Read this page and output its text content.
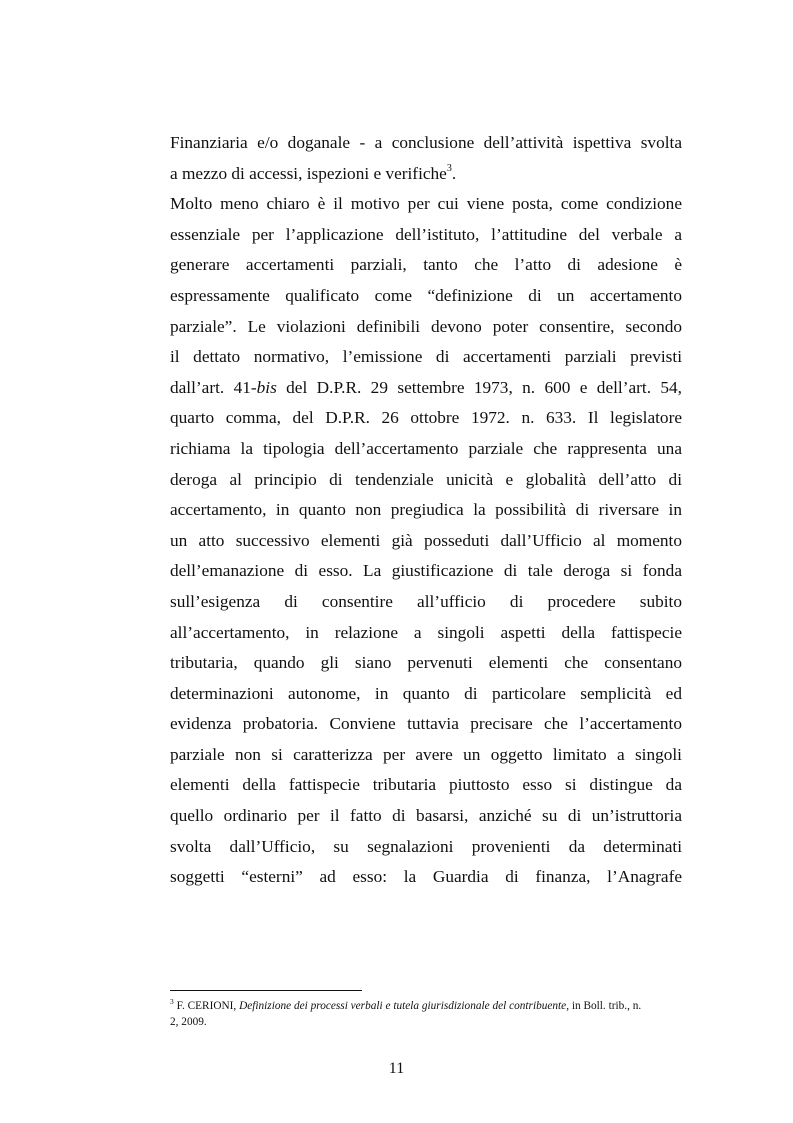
Finanziaria e/o doganale - a conclusione dell’attività ispettiva svolta
a mezzo di accessi, ispezioni e verifiche$^3$.
Molto meno chiaro è il motivo per cui viene posta, come condizione
essenziale per l’applicazione dell’istituto, l’attitudine del verbale a
generare accertamenti parziali, tanto che l’atto di adesione è
espressamente qualificato come “definizione di un accertamento
parziale”. Le violazioni definibili devono poter consentire, secondo
il dettato normativo, l’emissione di accertamenti parziali previsti
dall’art. 41-bis del D.P.R. 29 settembre 1973, n. 600 e dell’art. 54,
quarto comma, del D.P.R. 26 ottobre 1972. n. 633. Il legislatore
richiama la tipologia dell’accertamento parziale che rappresenta una
deroga al principio di tendenziale unicità e globalità dell’atto di
accertamento, in quanto non pregiudica la possibilità di riversare in
un atto successivo elementi già posseduti dall’Ufficio al momento
dell’emanazione di esso. La giustificazione di tale deroga si fonda
sull’esigenza di consentire all’ufficio di procedere subito
all’accertamento, in relazione a singoli aspetti della fattispecie
tributaria, quando gli siano pervenuti elementi che consentano
determinazioni autonome, in quanto di particolare semplicità ed
evidenza probatoria. Conviene tuttavia precisare che l’accertamento
parziale non si caratterizza per avere un oggetto limitato a singoli
elementi della fattispecie tributaria piuttosto esso si distingue da
quello ordinario per il fatto di basarsi, anziché su di un’istruttoria
svolta dall’Ufficio, su segnalazioni provenienti da determinati
soggetti “esterni” ad esso: la Guardia di finanza, l’Anagrafe
$^3$ F. CERIONI, Definizione dei processi verbali e tutela giurisdizionale del contribuente, in Boll. trib., n.
2, 2009.
11
